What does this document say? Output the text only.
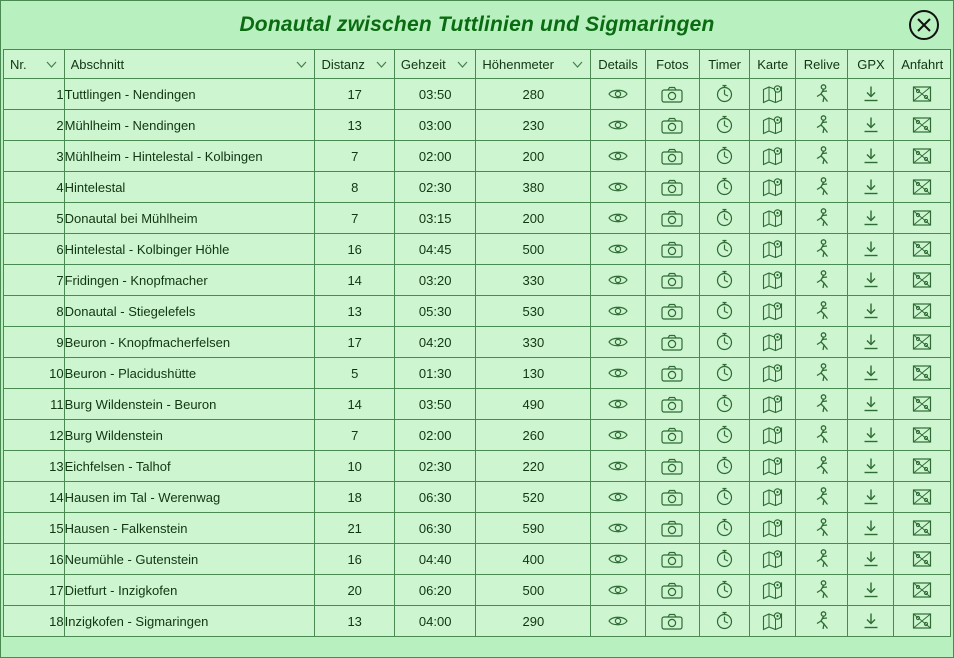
Donautal zwischen Tuttlinien und Sigmaringen
Nr.	Abschnitt	Distanz	Gehzeit	Höhenmeter	Details	Fotos	Timer	Karte	Relive	GPX	Anfahrt

1	Tuttlingen - Nendingen	17	03:50	280	

2	Mühlheim - Nendingen	13	03:00	230	

3	Mühlheim - Hintelestal - Kolbingen	7	02:00	200	

4	Hintelestal	8	02:30	380	

5	Donautal bei Mühlheim	7	03:15	200	

6	Hintelestal - Kolbinger Höhle	16	04:45	500	

7	Fridingen - Knopfmacher	14	03:20	330	

8	Donautal - Stiegelefels	13	05:30	530	

9	Beuron - Knopfmacherfelsen	17	04:20	330	

10	Beuron - Placidushütte	5	01:30	130	

11	Burg Wildenstein - Beuron	14	03:50	490	

12	Burg Wildenstein	7	02:00	260	

13	Eichfelsen - Talhof	10	02:30	220	

14	Hausen im Tal - Werenwag	18	06:30	520	

15	Hausen - Falkenstein	21	06:30	590	

16	Neumühle - Gutenstein	16	04:40	400	

17	Dietfurt - Inzigkofen	20	06:20	500	

18	Inzigkofen - Sigmaringen	13	04:00	290	
